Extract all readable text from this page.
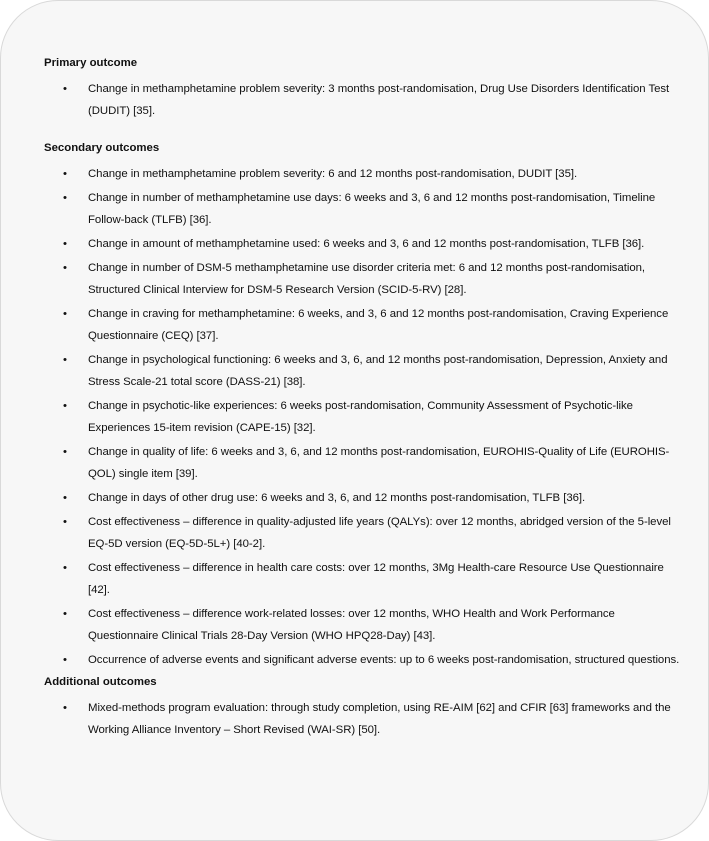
Primary outcome

• Change in methamphetamine problem severity: 3 months post-randomisation, Drug Use Disorders Identification Test (DUDIT) [35].

Secondary outcomes

• Change in methamphetamine problem severity: 6 and 12 months post-randomisation, DUDIT [35].
• Change in number of methamphetamine use days: 6 weeks and 3, 6 and 12 months post-randomisation, Timeline Follow-back (TLFB) [36].
• Change in amount of methamphetamine used: 6 weeks and 3, 6 and 12 months post-randomisation, TLFB [36].
• Change in number of DSM-5 methamphetamine use disorder criteria met: 6 and 12 months post-randomisation, Structured Clinical Interview for DSM-5 Research Version (SCID-5-RV) [28].
• Change in craving for methamphetamine: 6 weeks, and 3, 6 and 12 months post-randomisation, Craving Experience Questionnaire (CEQ) [37].
• Change in psychological functioning: 6 weeks and 3, 6, and 12 months post-randomisation, Depression, Anxiety and Stress Scale-21 total score (DASS-21) [38].
• Change in psychotic-like experiences: 6 weeks post-randomisation, Community Assessment of Psychotic-like Experiences 15-item revision (CAPE-15) [32].
• Change in quality of life: 6 weeks and 3, 6, and 12 months post-randomisation, EUROHIS-Quality of Life (EUROHIS-QOL) single item [39].
• Change in days of other drug use: 6 weeks and 3, 6, and 12 months post-randomisation, TLFB [36].
• Cost effectiveness – difference in quality-adjusted life years (QALYs): over 12 months, abridged version of the 5-level EQ-5D version (EQ-5D-5L+) [40-2].
• Cost effectiveness – difference in health care costs: over 12 months, 3Mg Health-care Resource Use Questionnaire [42].
• Cost effectiveness – difference work-related losses: over 12 months, WHO Health and Work Performance Questionnaire Clinical Trials 28-Day Version (WHO HPQ28-Day) [43].
• Occurrence of adverse events and significant adverse events: up to 6 weeks post-randomisation, structured questions.

Additional outcomes

• Mixed-methods program evaluation: through study completion, using RE-AIM [62] and CFIR [63] frameworks and the Working Alliance Inventory – Short Revised (WAI-SR) [50].
